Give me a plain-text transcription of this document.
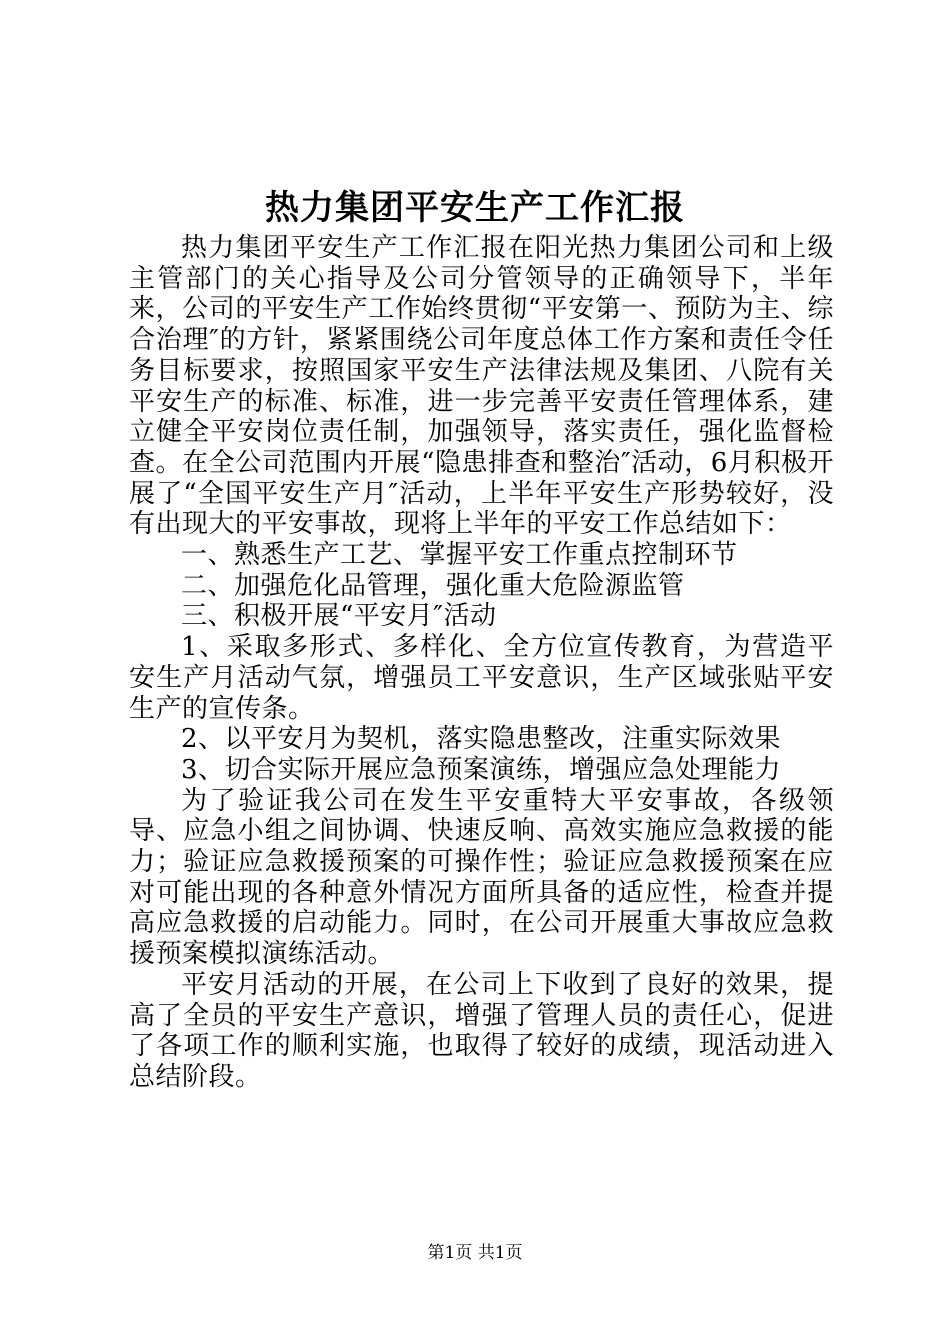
热力集团平安生产工作汇报

热力集团平安生产工作汇报在阳光热力集团公司和上级主管部门的关心指导及公司分管领导的正确领导下，半年来，公司的平安生产工作始终贯彻“平安第一、预防为主、综合治理″的方针，紧紧围绕公司年度总体工作方案和责任令任务目标要求，按照国家平安生产法律法规及集团、八院有关平安生产的标准、标准，进一步完善平安责任管理体系，建立健全平安岗位责任制，加强领导，落实责任，强化监督检查。在全公司范围内开展“隐患排查和整治″活动，6月积极开展了“全国平安生产月″活动，上半年平安生产形势较好，没有出现大的平安事故，现将上半年的平安工作总结如下：

一、熟悉生产工艺、掌握平安工作重点控制环节

二、加强危化品管理，强化重大危险源监管

三、积极开展“平安月″活动

1、采取多形式、多样化、全方位宣传教育，为营造平安生产月活动气氛，增强员工平安意识，生产区域张贴平安生产的宣传条。

2、以平安月为契机，落实隐患整改，注重实际效果

3、切合实际开展应急预案演练，增强应急处理能力

为了验证我公司在发生平安重特大平安事故，各级领导、应急小组之间协调、快速反响、高效实施应急救援的能力；验证应急救援预案的可操作性；验证应急救援预案在应对可能出现的各种意外情况方面所具备的适应性，检查并提高应急救援的启动能力。同时，在公司开展重大事故应急救援预案模拟演练活动。

平安月活动的开展，在公司上下收到了良好的效果，提高了全员的平安生产意识，增强了管理人员的责任心，促进了各项工作的顺利实施，也取得了较好的成绩，现活动进入总结阶段。

第1页 共1页
